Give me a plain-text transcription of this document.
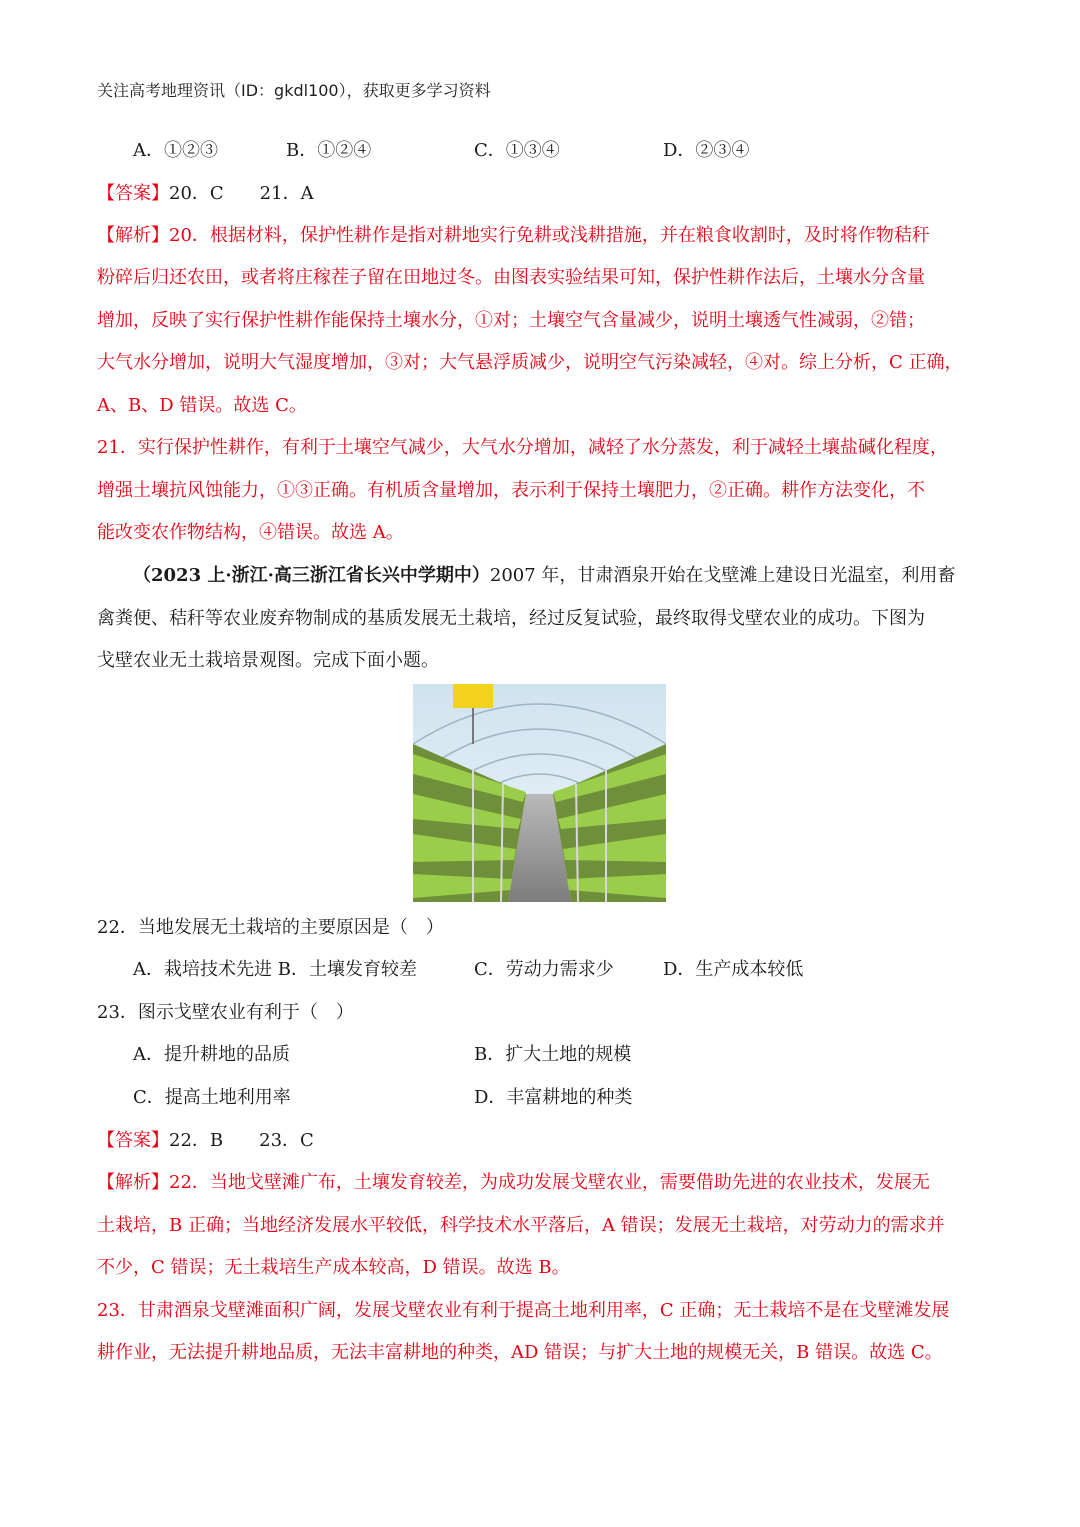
关注高考地理资讯（ID：gkdl100），获取更多学习资料
A．①②③	B．①②④	C．①③④	D．②③④
【答案】20．C　　21．A
【解析】20．根据材料，保护性耕作是指对耕地实行免耕或浅耕措施，并在粮食收割时，及时将作物秸秆
粉碎后归还农田，或者将庄稼茬子留在田地过冬。由图表实验结果可知，保护性耕作法后，土壤水分含量
增加，反映了实行保护性耕作能保持土壤水分，①对；土壤空气含量减少，说明土壤透气性减弱，②错；
大气水分增加，说明大气湿度增加，③对；大气悬浮质减少，说明空气污染减轻，④对。综上分析，C 正确，
A、B、D 错误。故选 C。
21．实行保护性耕作，有利于土壤空气减少，大气水分增加，减轻了水分蒸发，利于减轻土壤盐碱化程度，
增强土壤抗风蚀能力，①③正确。有机质含量增加，表示利于保持土壤肥力，②正确。耕作方法变化，不
能改变农作物结构，④错误。故选 A。
（2023 上·浙江·高三浙江省长兴中学期中）2007 年，甘肃酒泉开始在戈壁滩上建设日光温室，利用畜
禽粪便、秸秆等农业废弃物制成的基质发展无土栽培，经过反复试验，最终取得戈壁农业的成功。下图为
戈壁农业无土栽培景观图。完成下面小题。
22．当地发展无土栽培的主要原因是（　）
A．栽培技术先进 B．土壤发育较差	C．劳动力需求少	D．生产成本较低
23．图示戈壁农业有利于（　）
A．提升耕地的品质	B．扩大土地的规模
C．提高土地利用率	D．丰富耕地的种类
【答案】22．B　　23．C
【解析】22．当地戈壁滩广布，土壤发育较差，为成功发展戈壁农业，需要借助先进的农业技术，发展无
土栽培，B 正确；当地经济发展水平较低，科学技术水平落后，A 错误；发展无土栽培，对劳动力的需求并
不少，C 错误；无土栽培生产成本较高，D 错误。故选 B。
23．甘肃酒泉戈壁滩面积广阔，发展戈壁农业有利于提高土地利用率，C 正确；无土栽培不是在戈壁滩发展
耕作业，无法提升耕地品质，无法丰富耕地的种类，AD 错误；与扩大土地的规模无关，B 错误。故选 C。
